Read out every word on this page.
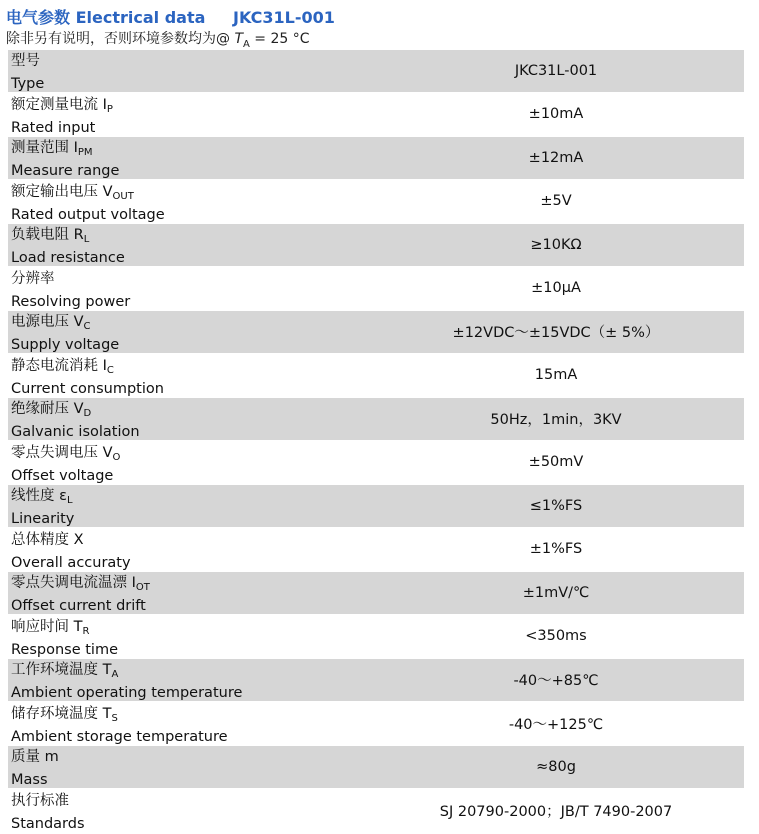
电气参数 Electrical data JKC31L-001
除非另有说明，否则环境参数均为@ $T_A = 25$ °C
型号
Type
JKC31L-001
额定测量电流 $I_P$
Rated input
±10mA
测量范围 $I_{PM}$
Measure range
±12mA
额定输出电压 $V_{OUT}$
Rated output voltage
±5V
负载电阻 $R_L$
Load resistance
≥10KΩ
分辨率
Resolving power
±10μA
电源电压 $V_C$
Supply voltage
±12VDC～±15VDC（± 5%）
静态电流消耗 $I_C$
Current consumption
15mA
绝缘耐压 $V_D$
Galvanic isolation
50Hz，1min，3KV
零点失调电压 $V_O$
Offset voltage
±50mV
线性度 $\varepsilon_L$
Linearity
≤1%FS
总体精度 X
Overall accuraty
±1%FS
零点失调电流温漂 $I_{OT}$
Offset current drift
±1mV/℃
响应时间 $T_R$
Response time
<350ms
工作环境温度 $T_A$
Ambient operating temperature
-40～+85℃
储存环境温度 $T_S$
Ambient storage temperature
-40～+125℃
质量 m
Mass
≈80g
执行标准
Standards
SJ 20790-2000；JB/T 7490-2007
